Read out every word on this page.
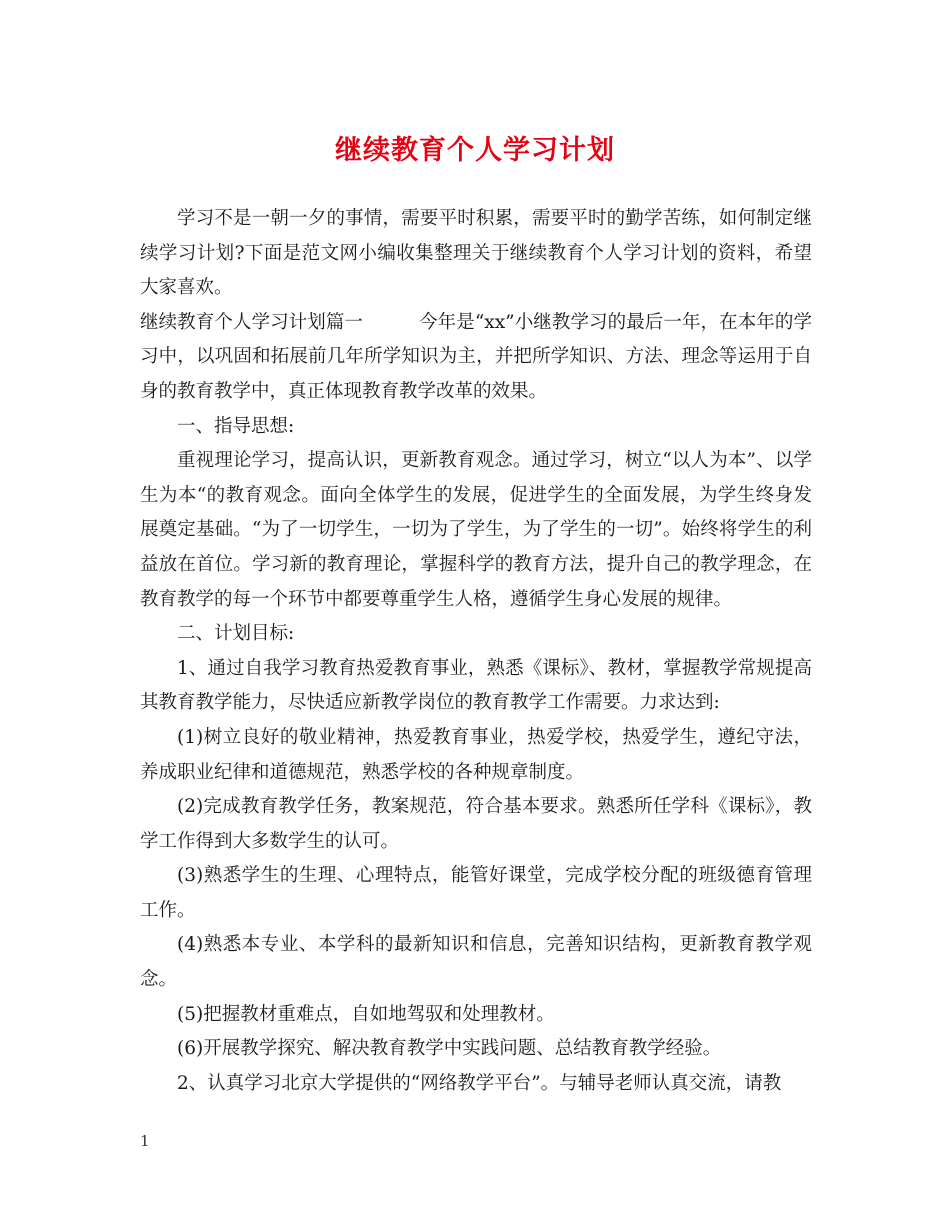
继续教育个人学习计划

学习不是一朝一夕的事情，需要平时积累，需要平时的勤学苦练，如何制定继续学习计划?下面是范文网小编收集整理关于继续教育个人学习计划的资料，希望大家喜欢。

继续教育个人学习计划篇一	今年是“xx”小继教学习的最后一年，在本年的学习中，以巩固和拓展前几年所学知识为主，并把所学知识、方法、理念等运用于自身的教育教学中，真正体现教育教学改革的效果。

一、指导思想:

重视理论学习，提高认识，更新教育观念。通过学习，树立“以人为本”、以学生为本“的教育观念。面向全体学生的发展，促进学生的全面发展，为学生终身发展奠定基础。“为了一切学生，一切为了学生，为了学生的一切”。始终将学生的利益放在首位。学习新的教育理论，掌握科学的教育方法，提升自己的教学理念，在教育教学的每一个环节中都要尊重学生人格，遵循学生身心发展的规律。

二、计划目标:

1、通过自我学习教育热爱教育事业，熟悉《课标》、教材，掌握教学常规提高其教育教学能力，尽快适应新教学岗位的教育教学工作需要。力求达到:

(1)树立良好的敬业精神，热爱教育事业，热爱学校，热爱学生，遵纪守法，养成职业纪律和道德规范，熟悉学校的各种规章制度。

(2)完成教育教学任务，教案规范，符合基本要求。熟悉所任学科《课标》，教学工作得到大多数学生的认可。

(3)熟悉学生的生理、心理特点，能管好课堂，完成学校分配的班级德育管理工作。

(4)熟悉本专业、本学科的最新知识和信息，完善知识结构，更新教育教学观念。

(5)把握教材重难点，自如地驾驭和处理教材。

(6)开展教学探究、解决教育教学中实践问题、总结教育教学经验。

2、认真学习北京大学提供的“网络教学平台”。与辅导老师认真交流，请教

1
